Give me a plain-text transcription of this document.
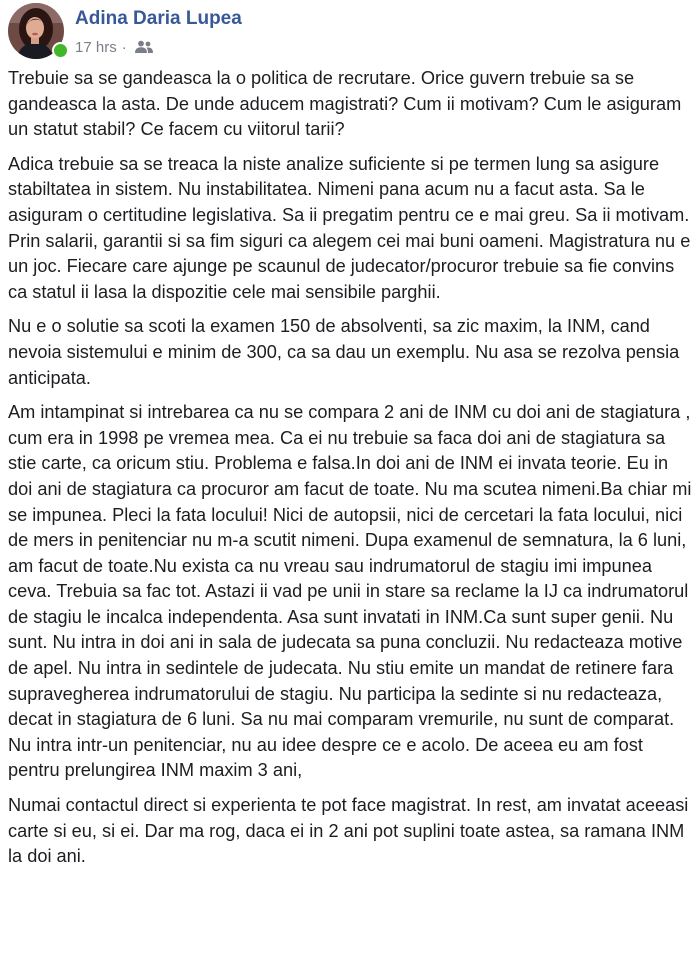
Adina Daria Lupea
17 hrs ·

Trebuie sa se gandeasca la o politica de recrutare. Orice guvern trebuie sa se gandeasca la asta. De unde aducem magistrati? Cum ii motivam? Cum le asiguram un statut stabil? Ce facem cu viitorul tarii?

Adica trebuie sa se treaca la niste analize suficiente si pe termen lung sa asigure stabiltatea in sistem. Nu instabilitatea. Nimeni pana acum nu a facut asta. Sa le asiguram o certitudine legislativa. Sa ii pregatim pentru ce e mai greu. Sa ii motivam. Prin salarii, garantii si sa fim siguri ca alegem cei mai buni oameni. Magistratura nu e un joc. Fiecare care ajunge pe scaunul de judecator/procuror trebuie sa fie convins ca statul ii lasa la dispozitie cele mai sensibile parghii.

Nu e o solutie sa scoti la examen 150 de absolventi, sa zic maxim, la INM, cand nevoia sistemului e minim de 300, ca sa dau un exemplu. Nu asa se rezolva pensia anticipata.

Am intampinat si intrebarea ca nu se compara 2 ani de INM cu doi ani de stagiatura , cum era in 1998 pe vremea mea. Ca ei nu trebuie sa faca doi ani de stagiatura sa stie carte, ca oricum stiu. Problema e falsa.In doi ani de INM ei invata teorie. Eu in doi ani de stagiatura ca procuror am facut de toate. Nu ma scutea nimeni.Ba chiar mi se impunea. Pleci la fata locului! Nici de autopsii, nici de cercetari la fata locului, nici de mers in penitenciar nu m-a scutit nimeni. Dupa examenul de semnatura, la 6 luni, am facut de toate.Nu exista ca nu vreau sau indrumatorul de stagiu imi impunea ceva. Trebuia sa fac tot. Astazi ii vad pe unii in stare sa reclame la IJ ca indrumatorul de stagiu le incalca independenta. Asa sunt invatati in INM.Ca sunt super genii. Nu sunt. Nu intra in doi ani in sala de judecata sa puna concluzii. Nu redacteaza motive de apel. Nu intra in sedintele de judecata. Nu stiu emite un mandat de retinere fara supravegherea indrumatorului de stagiu. Nu participa la sedinte si nu redacteaza, decat in stagiatura de 6 luni. Sa nu mai comparam vremurile, nu sunt de comparat. Nu intra intr-un penitenciar, nu au idee despre ce e acolo. De aceea eu am fost pentru prelungirea INM maxim 3 ani,

Numai contactul direct si experienta te pot face magistrat. In rest, am invatat aceeasi carte si eu, si ei. Dar ma rog, daca ei in 2 ani pot suplini toate astea, sa ramana INM la doi ani.
